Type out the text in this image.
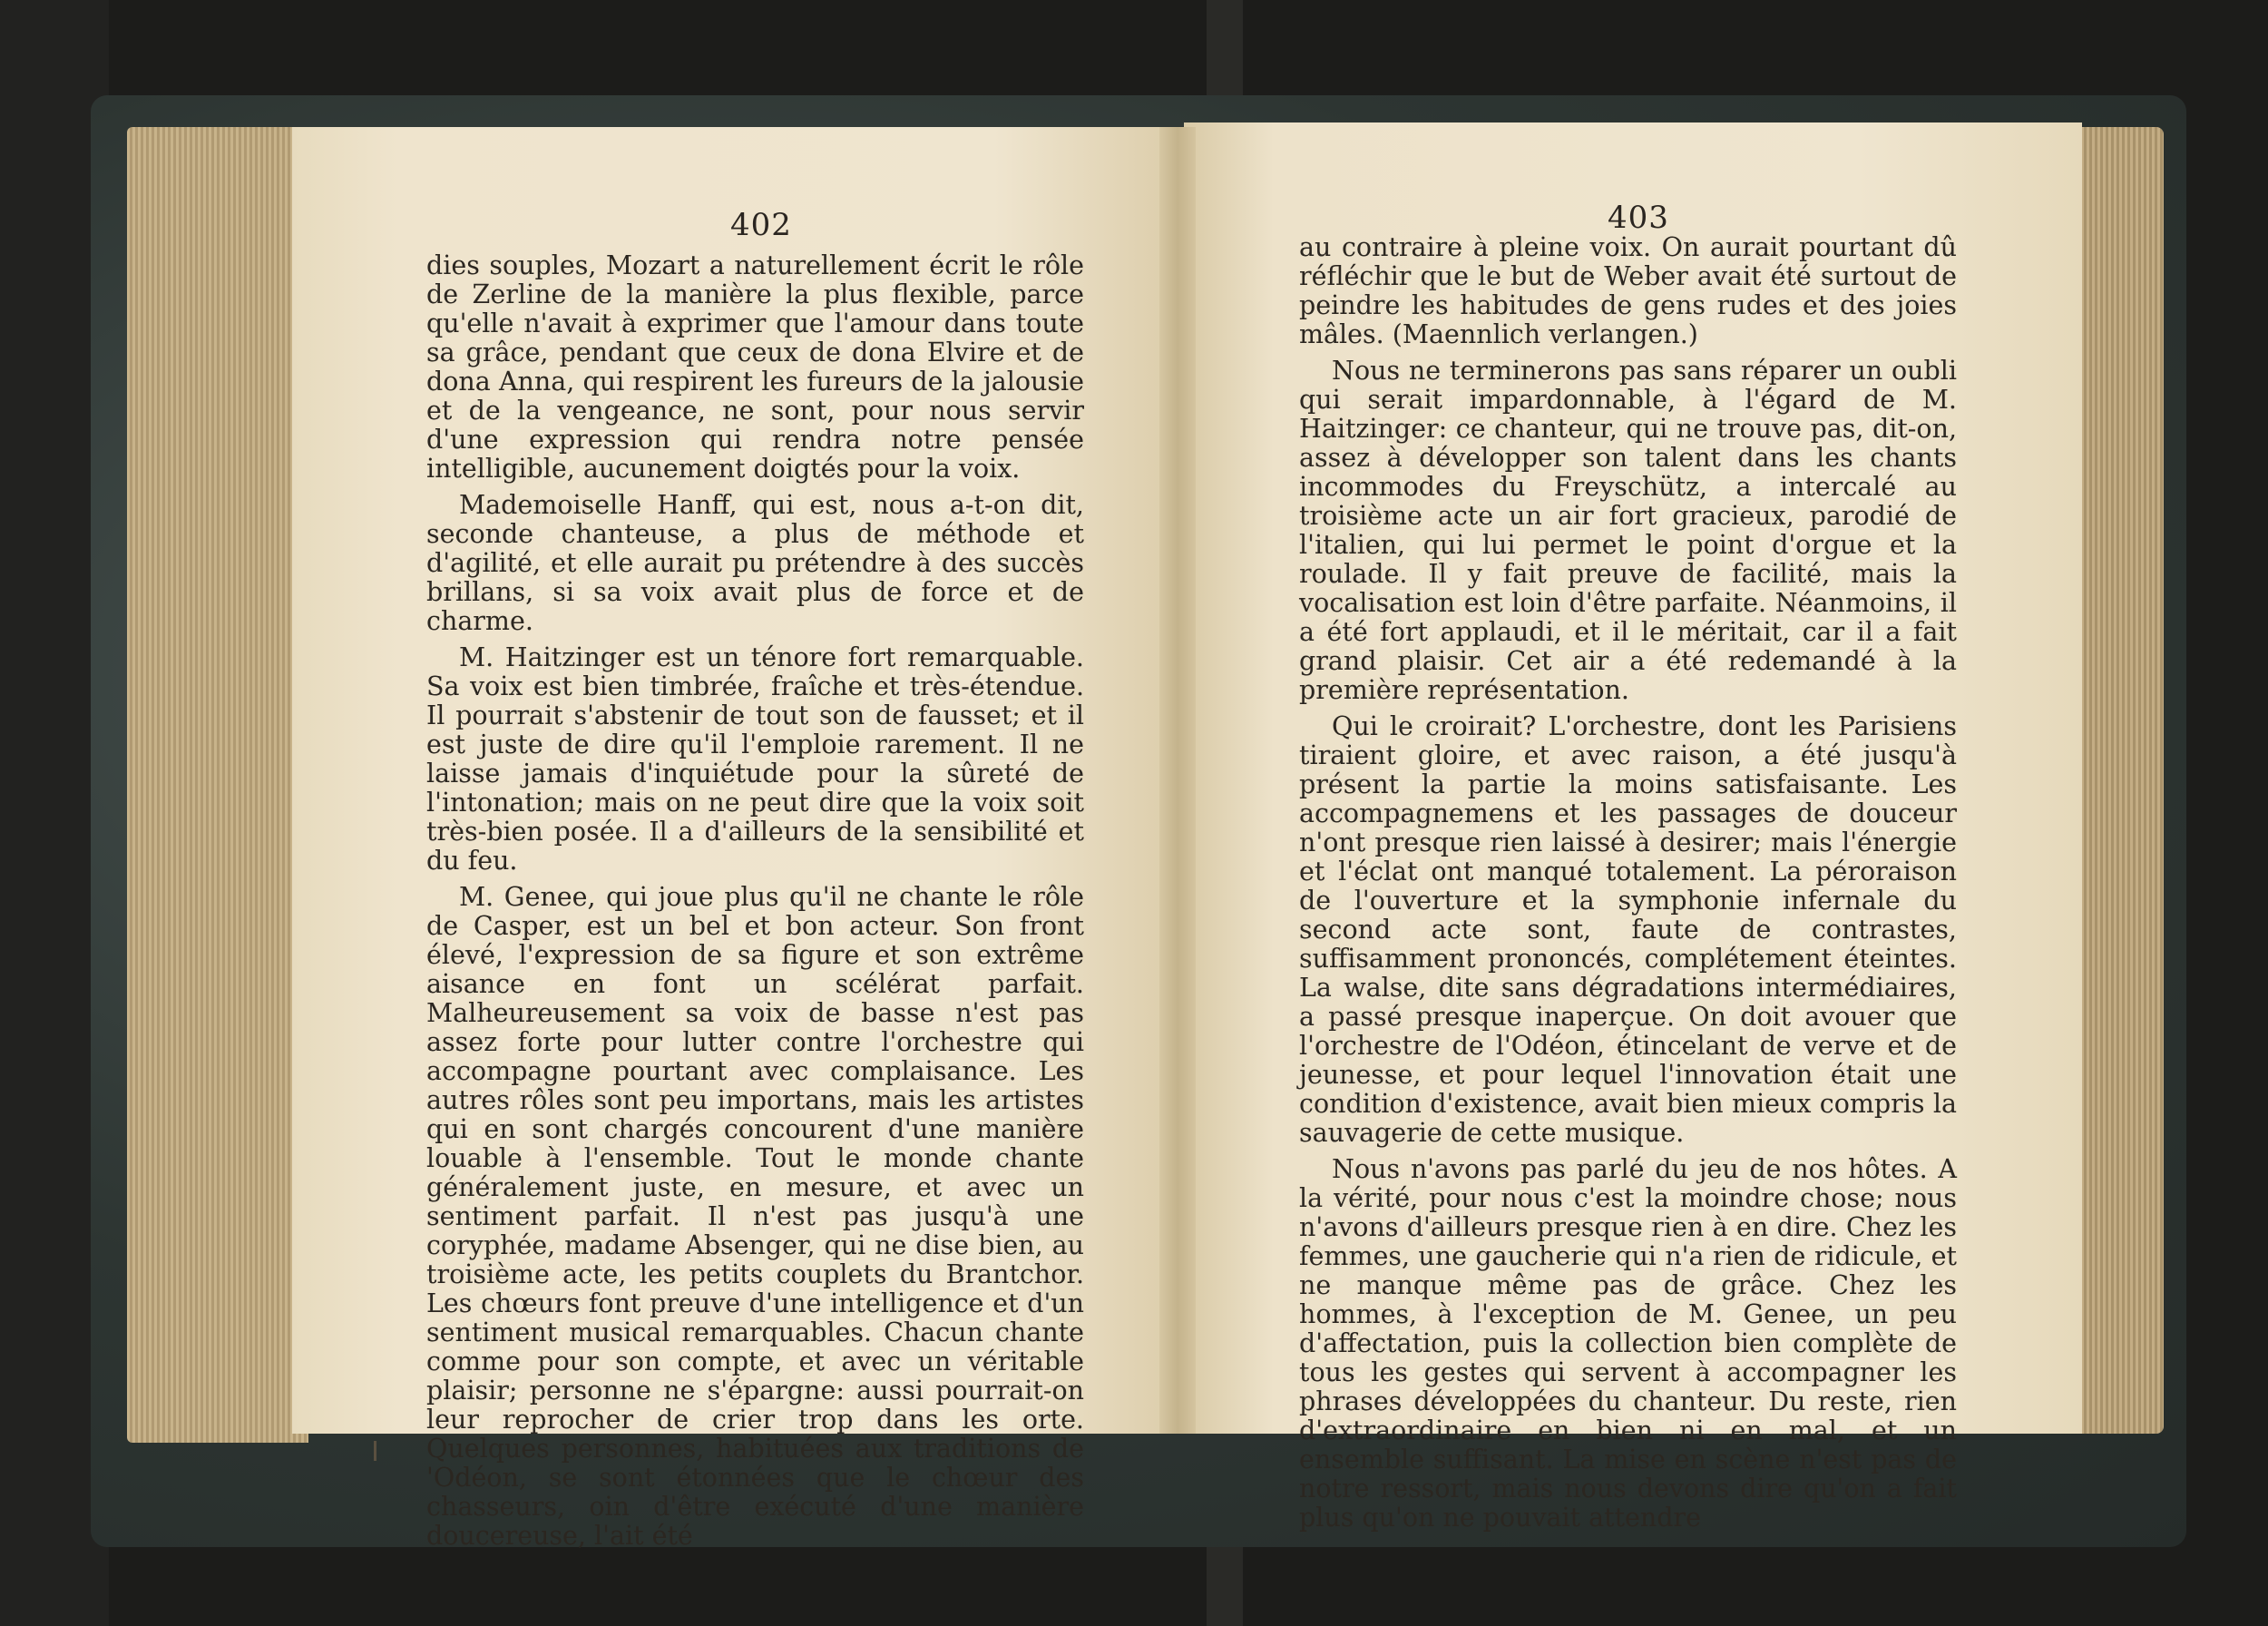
402	403

dies souples, Mozart a naturellement écrit le rôle de Zerline de la manière la plus flexible, parce qu'elle n'avait à exprimer que l'amour dans toute sa grâce, pendant que ceux de dona Elvire et de dona Anna, qui respirent les fureurs de la jalousie et de la vengeance, ne sont, pour nous servir d'une expression qui rendra notre pensée intelligible, aucunement doigtés pour la voix.

Mademoiselle Hanff, qui est, nous a-t-on dit, seconde chanteuse, a plus de méthode et d'agilité, et elle aurait pu prétendre à des succès brillans, si sa voix avait plus de force et de charme.

M. Haitzinger est un ténore fort remarquable. Sa voix est bien timbrée, fraîche et très-étendue. Il pourrait s'abstenir de tout son de fausset; et il est juste de dire qu'il l'emploie rarement. Il ne laisse jamais d'inquiétude pour la sûreté de l'intonation; mais on ne peut dire que la voix soit très-bien posée. Il a d'ailleurs de la sensibilité et du feu.

M. Genee, qui joue plus qu'il ne chante le rôle de Casper, est un bel et bon acteur. Son front élevé, l'expression de sa figure et son extrême aisance en font un scélérat parfait. Malheureusement sa voix de basse n'est pas assez forte pour lutter contre l'orchestre qui accompagne pourtant avec complaisance. Les autres rôles sont peu importans, mais les artistes qui en sont chargés concourent d'une manière louable à l'ensemble. Tout le monde chante généralement juste, en mesure, et avec un sentiment parfait. Il n'est pas jusqu'à une coryphée, madame Absenger, qui ne dise bien, au troisième acte, les petits couplets du Brantchor. Les chœurs font preuve d'une intelligence et d'un sentiment musical remarquables. Chacun chante comme pour son compte, et avec un véritable plaisir; personne ne s'épargne: aussi pourrait-on leur reprocher de crier trop dans les orte. Quelques personnes, habituées aux traditions de 'Odéon, se sont étonnées que le chœur des chasseurs, oin d'être exécuté d'une manière doucereuse, l'ait été

au contraire à pleine voix. On aurait pourtant dû réfléchir que le but de Weber avait été surtout de peindre les habitudes de gens rudes et des joies mâles. (Maennlich verlangen.)

Nous ne terminerons pas sans réparer un oubli qui serait impardonnable, à l'égard de M. Haitzinger: ce chanteur, qui ne trouve pas, dit-on, assez à développer son talent dans les chants incommodes du Freyschütz, a intercalé au troisième acte un air fort gracieux, parodié de l'italien, qui lui permet le point d'orgue et la roulade. Il y fait preuve de facilité, mais la vocalisation est loin d'être parfaite. Néanmoins, il a été fort applaudi, et il le méritait, car il a fait grand plaisir. Cet air a été redemandé à la première représentation.

Qui le croirait? L'orchestre, dont les Parisiens tiraient gloire, et avec raison, a été jusqu'à présent la partie la moins satisfaisante. Les accompagnemens et les passages de douceur n'ont presque rien laissé à desirer; mais l'énergie et l'éclat ont manqué totalement. La péroraison de l'ouverture et la symphonie infernale du second acte sont, faute de contrastes, suffisamment prononcés, complétement éteintes. La walse, dite sans dégradations intermédiaires, a passé presque inaperçue. On doit avouer que l'orchestre de l'Odéon, étincelant de verve et de jeunesse, et pour lequel l'innovation était une condition d'existence, avait bien mieux compris la sauvagerie de cette musique.

Nous n'avons pas parlé du jeu de nos hôtes. A la vérité, pour nous c'est la moindre chose; nous n'avons d'ailleurs presque rien à en dire. Chez les femmes, une gaucherie qui n'a rien de ridicule, et ne manque même pas de grâce. Chez les hommes, à l'exception de M. Genee, un peu d'affectation, puis la collection bien complète de tous les gestes qui servent à accompagner les phrases développées du chanteur. Du reste, rien d'extraordinaire en bien ni en mal, et un ensemble suffisant. La mise en scène n'est pas de notre ressort, mais nous devons dire qu'on a fait plus qu'on ne pouvait attendre
